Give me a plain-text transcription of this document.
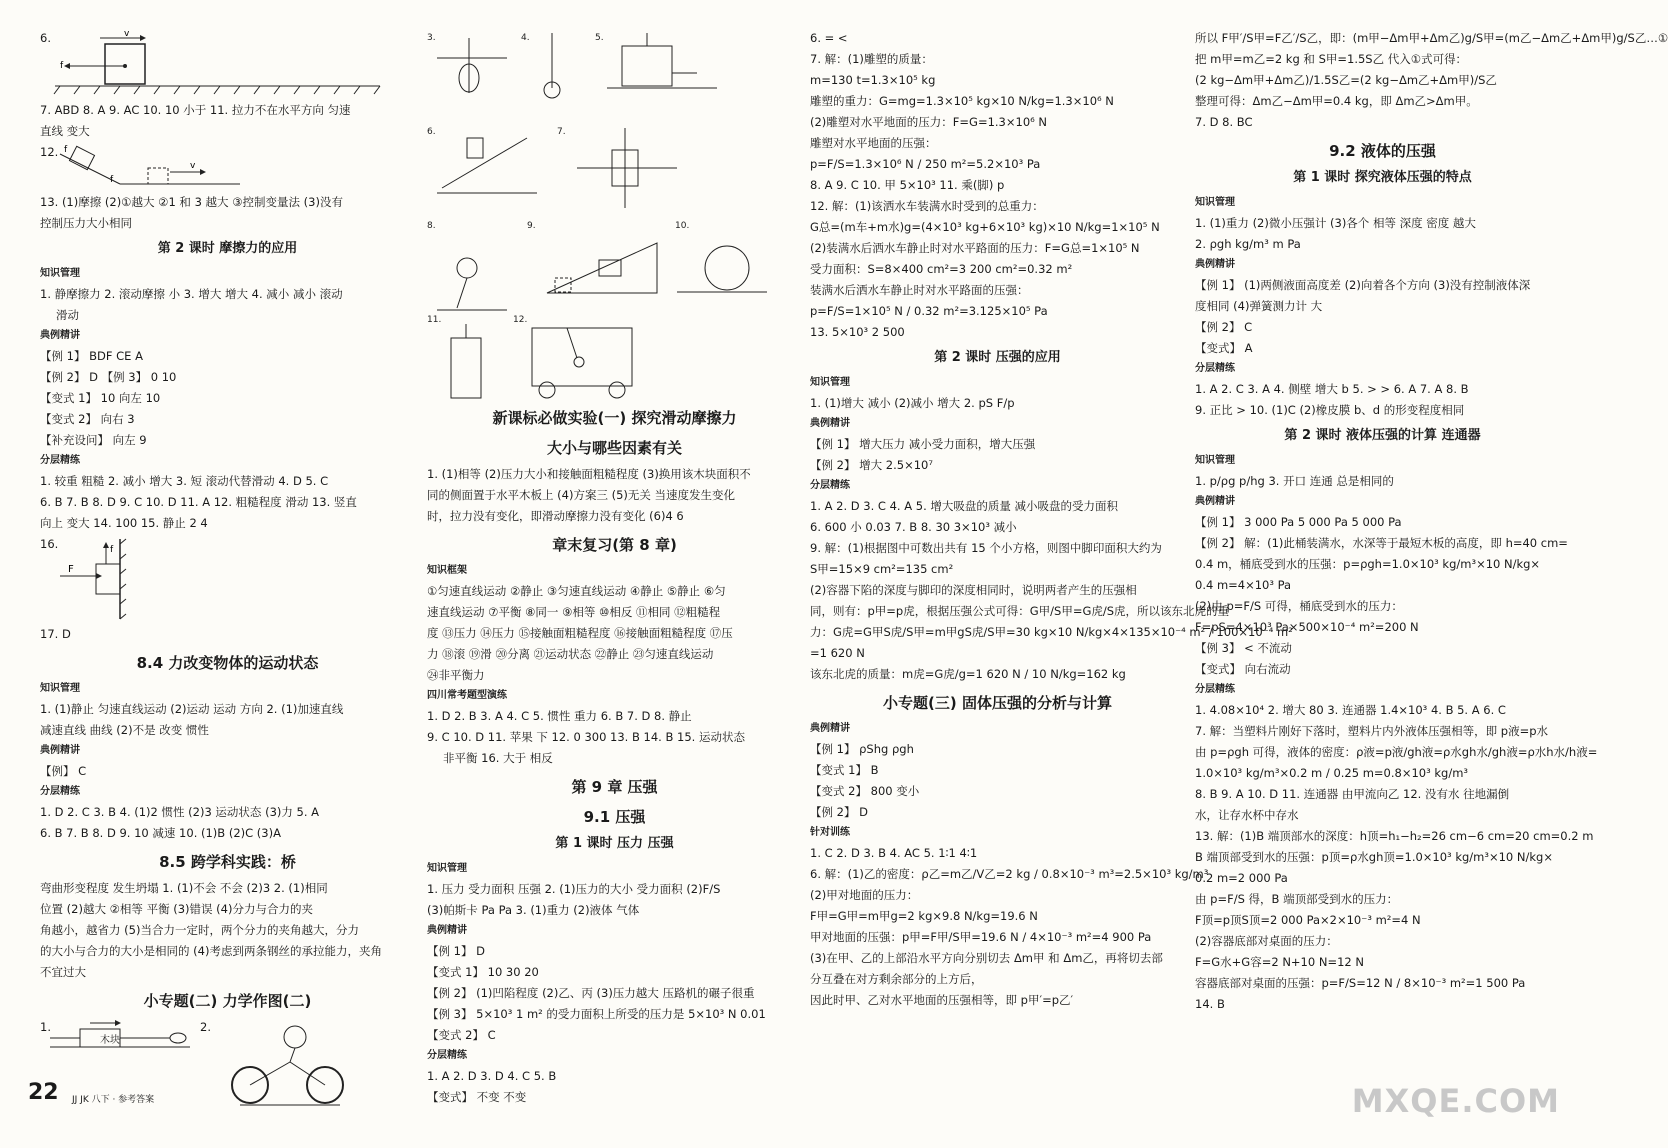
6.	v
f
7. ABD 8. A 9. AC 10. 10 小于 11. 拉力不在水平方向 匀速
直线 变大
12. f
v
f
13. (1)摩擦 (2)①越大 ②1 和 3 越大 ③控制变量法 (3)没有
控制压力大小相同
第 2 课时 摩擦力的应用
知识管理
1. 静摩擦力 2. 滚动摩擦 小 3. 增大 增大 4. 减小 减小 滚动
滑动
典例精讲
【例 1】 BDF CE A
【例 2】 D 【例 3】 0 10
【变式 1】 10 向左 10
【变式 2】 向右 3
【补充设问】 向左 9
分层精练
1. 较重 粗糙 2. 减小 增大 3. 短 滚动代替滑动 4. D 5. C
6. B 7. B 8. D 9. C 10. D 11. A 12. 粗糙程度 滑动 13. 竖直
向上 变大 14. 100 15. 静止 2 4
16.
F
f
17. D
8.4 力改变物体的运动状态
知识管理
1. (1)静止 匀速直线运动 (2)运动 运动 方向 2. (1)加速直线
减速直线 曲线 (2)不是 改变 惯性
典例精讲
【例】 C
分层精练
1. D 2. C 3. B 4. (1)2 惯性 (2)3 运动状态 (3)力 5. A
6. B 7. B 8. D 9. 10 减速 10. (1)B (2)C (3)A
8.5 跨学科实践：桥
弯曲形变程度 发生坍塌 1. (1)不会 不会 (2)3 2. (1)相同
位置 (2)越大 ②相等 平衡 (3)错误 (4)分力与合力的夹
角越小，越省力 (5)当合力一定时，两个分力的夹角越大，分力
的大小与合力的大小是相同的 (4)考虑到两条钢丝的承拉能力，夹角
不宜过大
小专题(二) 力学作图(二)
1.	2.
木块
3.	4.	5.
6.	7.
8.	9.	10.
11.	12.
新课标必做实验(一) 探究滑动摩擦力
大小与哪些因素有关
1. (1)相等 (2)压力大小和接触面粗糙程度 (3)换用该木块面积不
同的侧面置于水平木板上 (4)方案三 (5)无关 当速度发生变化
时，拉力没有变化，即滑动摩擦力没有变化 (6)4 6
章末复习(第 8 章)
知识框架
①匀速直线运动 ②静止 ③匀速直线运动 ④静止 ⑤静止 ⑥匀
速直线运动 ⑦平衡 ⑧同一 ⑨相等 ⑩相反 ⑪相同 ⑫粗糙程
度 ⑬压力 ⑭压力 ⑮接触面粗糙程度 ⑯接触面粗糙程度 ⑰压
力 ⑱滚 ⑲滑 ⑳分离 ㉑运动状态 ㉒静止 ㉓匀速直线运动
㉔非平衡力
四川常考题型演练
1. D 2. B 3. A 4. C 5. 惯性 重力 6. B 7. D 8. 静止
9. C 10. D 11. 苹果 下 12. 0 300 13. B 14. B 15. 运动状态
非平衡 16. 大于 相反
第 9 章 压强
9.1 压强
第 1 课时 压力 压强
知识管理
1. 压力 受力面积 压强 2. (1)压力的大小 受力面积 (2)F/S
(3)帕斯卡 Pa Pa 3. (1)重力 (2)液体 气体
典例精讲
【例 1】 D
【变式 1】 10 30 20
【例 2】 (1)凹陷程度 (2)乙、丙 (3)压力越大 压路机的碾子很重
【例 3】 5×10³ 1 m² 的受力面积上所受的压力是 5×10³ N 0.01
【变式 2】 C
分层精练
1. A 2. D 3. D 4. C 5. B
【变式】 不变 不变
6. = <
7. 解：(1)雕塑的质量：
m=130 t=1.3×10⁵ kg
雕塑的重力：G=mg=1.3×10⁵ kg×10 N/kg=1.3×10⁶ N
(2)雕塑对水平地面的压力：F=G=1.3×10⁶ N
雕塑对水平地面的压强：
p=F/S=1.3×10⁶ N / 250 m²=5.2×10³ Pa
8. A 9. C 10. 甲 5×10³ 11. 乘(脚) p
12. 解：(1)该洒水车装满水时受到的总重力：
G总=(m车+m水)g=(4×10³ kg+6×10³ kg)×10 N/kg=1×10⁵ N
(2)装满水后洒水车静止时对水平路面的压力：F=G总=1×10⁵ N
受力面积：S=8×400 cm²=3 200 cm²=0.32 m²
装满水后洒水车静止时对水平路面的压强：
p=F/S=1×10⁵ N / 0.32 m²=3.125×10⁵ Pa
13. 5×10³ 2 500
第 2 课时 压强的应用
知识管理
1. (1)增大 减小 (2)减小 增大 2. pS F/p
典例精讲
【例 1】 增大压力 减小受力面积，增大压强
【例 2】 增大 2.5×10⁷
分层精练
1. A 2. D 3. C 4. A 5. 增大吸盘的质量 减小吸盘的受力面积
6. 600 小 0.03 7. B 8. 30 3×10³ 减小
9. 解：(1)根据图中可数出共有 15 个小方格，则图中脚印面积大约为
S甲=15×9 cm²=135 cm²
(2)容器下陷的深度与脚印的深度相同时，说明两者产生的压强相
同，则有：p甲=p虎，根据压强公式可得：G甲/S甲=G虎/S虎，所以该东北虎的重
力：G虎=G甲S虎/S甲=m甲gS虎/S甲=30 kg×10 N/kg×4×135×10⁻⁴ m² / 100×10⁻⁴ m²
=1 620 N
该东北虎的质量：m虎=G虎/g=1 620 N / 10 N/kg=162 kg
小专题(三) 固体压强的分析与计算
典例精讲
【例 1】 ρShg ρgh
【变式 1】 B
【变式 2】 800 变小
【例 2】 D
针对训练
1. C 2. D 3. B 4. AC 5. 1∶1 4∶1
6. 解：(1)乙的密度：ρ乙=m乙/V乙=2 kg / 0.8×10⁻³ m³=2.5×10³ kg/m³
(2)甲对地面的压力：
F甲=G甲=m甲g=2 kg×9.8 N/kg=19.6 N
甲对地面的压强：p甲=F甲/S甲=19.6 N / 4×10⁻³ m²=4 900 Pa
(3)在甲、乙的上部沿水平方向分别切去 Δm甲 和 Δm乙，再将切去部
分互叠在对方剩余部分的上方后，
因此时甲、乙对水平地面的压强相等，即 p甲′=p乙′
所以 F甲′/S甲=F乙′/S乙，即：(m甲−Δm甲+Δm乙)g/S甲=(m乙−Δm乙+Δm甲)g/S乙…①
把 m甲=m乙=2 kg 和 S甲=1.5S乙 代入①式可得：
(2 kg−Δm甲+Δm乙)/1.5S乙=(2 kg−Δm乙+Δm甲)/S乙
整理可得：Δm乙−Δm甲=0.4 kg，即 Δm乙>Δm甲。
7. D 8. BC
9.2 液体的压强
第 1 课时 探究液体压强的特点
知识管理
1. (1)重力 (2)微小压强计 (3)各个 相等 深度 密度 越大
2. ρgh kg/m³ m Pa
典例精讲
【例 1】 (1)两侧液面高度差 (2)向着各个方向 (3)没有控制液体深
度相同 (4)弹簧测力计 大
【例 2】 C
【变式】 A
分层精练
1. A 2. C 3. A 4. 侧壁 增大 b 5. > > 6. A 7. A 8. B
9. 正比 > 10. (1)C (2)橡皮膜 b、d 的形变程度相同
第 2 课时 液体压强的计算 连通器
知识管理
1. p/ρg p/hg 3. 开口 连通 总是相同的
典例精讲
【例 1】 3 000 Pa 5 000 Pa 5 000 Pa
【例 2】 解：(1)此桶装满水，水深等于最短木板的高度，即 h=40 cm=
0.4 m，桶底受到水的压强：p=ρgh=1.0×10³ kg/m³×10 N/kg×
0.4 m=4×10³ Pa
(2)由 p=F/S 可得，桶底受到水的压力：
F=pS=4×10³ Pa×500×10⁻⁴ m²=200 N
【例 3】 < 不流动
【变式】 向右流动
分层精练
1. 4.08×10⁴ 2. 增大 80 3. 连通器 1.4×10³ 4. B 5. A 6. C
7. 解：当塑料片刚好下落时，塑料片内外液体压强相等，即 p液=p水
由 p=ρgh 可得，液体的密度：ρ液=p液/gh液=ρ水gh水/gh液=ρ水h水/h液=
1.0×10³ kg/m³×0.2 m / 0.25 m=0.8×10³ kg/m³
8. B 9. A 10. D 11. 连通器 由甲流向乙 12. 没有水 往地漏倒
水，让存水杯中存水
13. 解：(1)B 端顶部水的深度：h顶=h₁−h₂=26 cm−6 cm=20 cm=0.2 m
B 端顶部受到水的压强：p顶=ρ水gh顶=1.0×10³ kg/m³×10 N/kg×
0.2 m=2 000 Pa
由 p=F/S 得，B 端顶部受到水的压力：
F顶=p顶S顶=2 000 Pa×2×10⁻³ m²=4 N
(2)容器底部对桌面的压力：
F=G水+G容=2 N+10 N=12 N
容器底部对桌面的压强：p=F/S=12 N / 8×10⁻³ m²=1 500 Pa
14. B
22 JJ JK 八下 · 参考答案	MXQE.COM
